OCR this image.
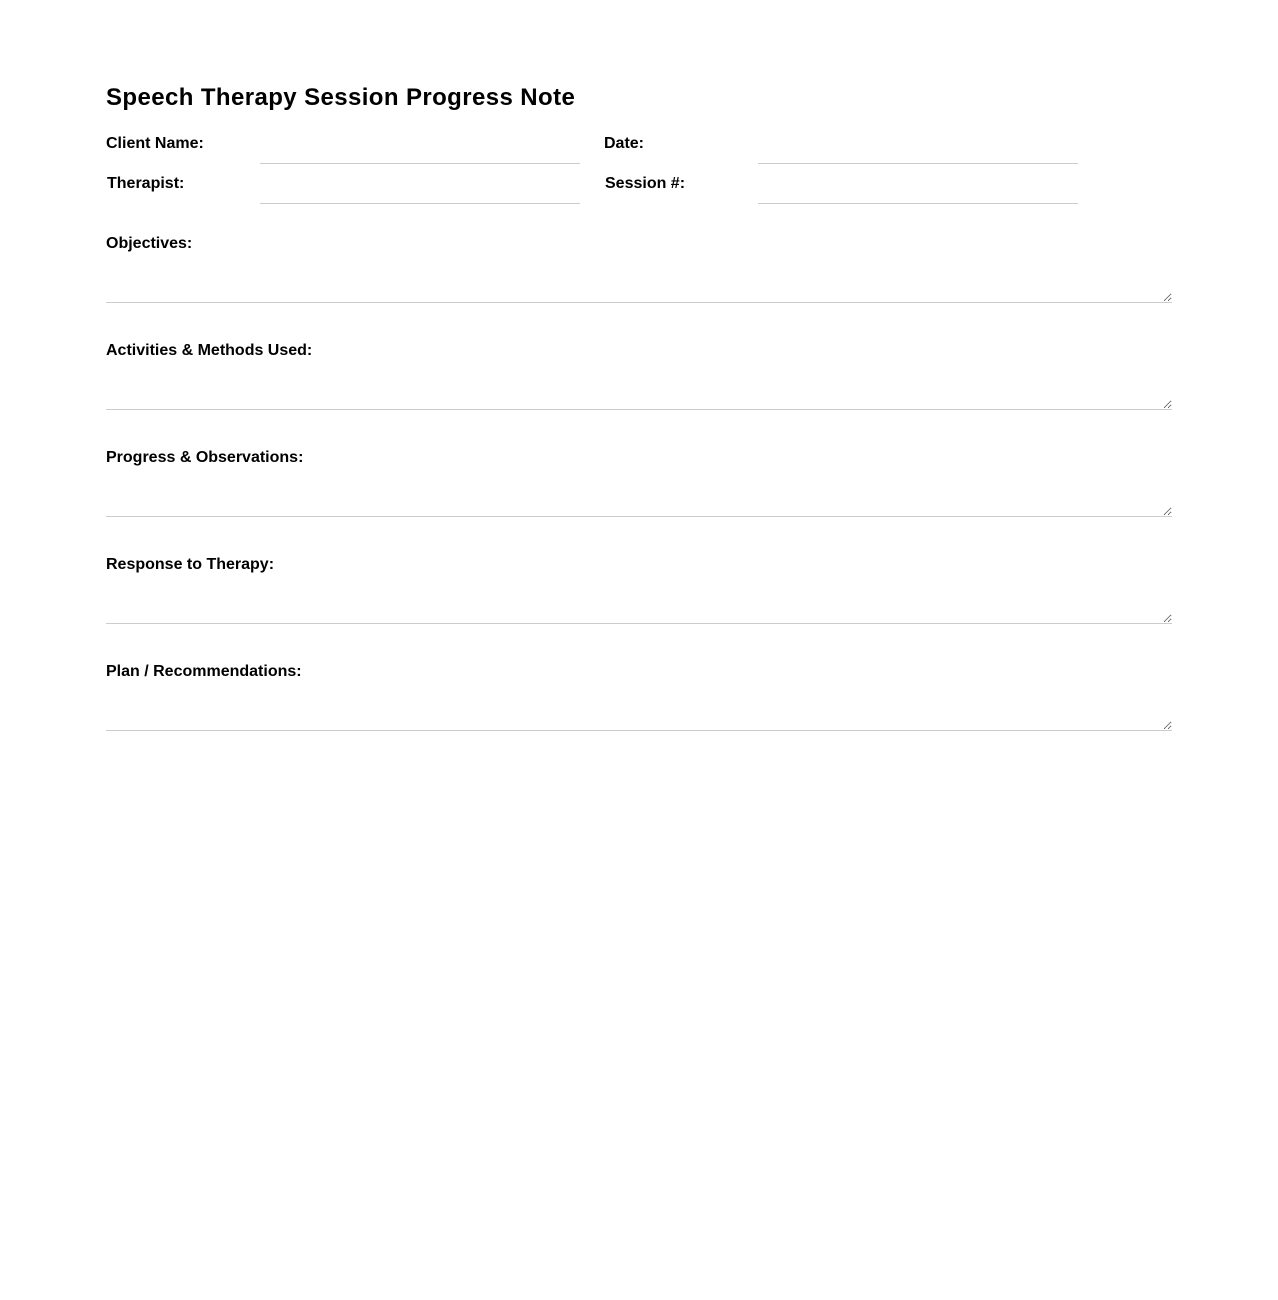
Speech Therapy Session Progress Note
Client Name:	Date:
Therapist:	Session #:
Objectives:
Activities & Methods Used:
Progress & Observations:
Response to Therapy:
Plan / Recommendations:
